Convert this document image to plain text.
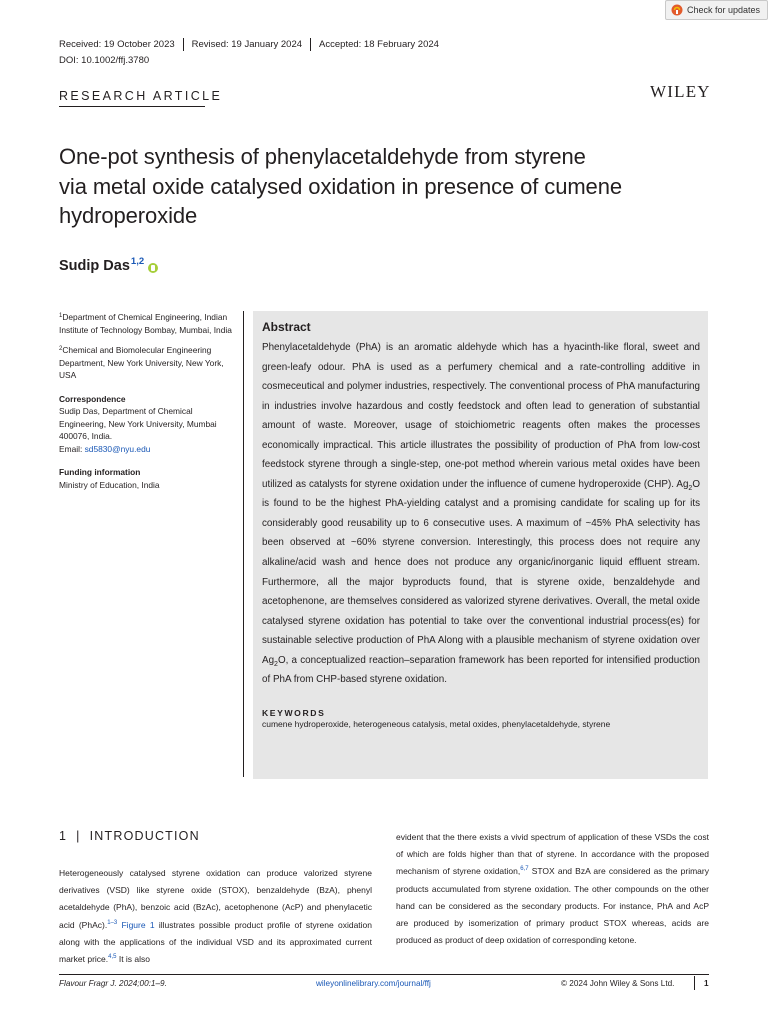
Check for updates
Received: 19 October 2023 Revised: 19 January 2024 Accepted: 18 February 2024
DOI: 10.1002/ffj.3780
RESEARCH ARTICLE	WILEY
One-pot synthesis of phenylacetaldehyde from styrene
via metal oxide catalysed oxidation in presence of cumene
hydroperoxide
Sudip Das$^{1,2}$

$^1$Department of Chemical Engineering, Indian Institute of Technology Bombay, Mumbai, India

$^2$Chemical and Biomolecular Engineering Department, New York University, New York, USA

Correspondence

Sudip Das, Department of Chemical Engineering, New York University, Mumbai 400076, India.

Email: sd5830@nyu.edu

Funding information

Ministry of Education, India

Abstract

Phenylacetaldehyde (PhA) is an aromatic aldehyde which has a hyacinth-like floral, sweet and green-leafy odour. PhA is used as a perfumery chemical and a rate-controlling additive in cosmeceutical and polymer industries, respectively. The conventional process of PhA manufacturing in industries involve hazardous and costly feedstock and often lead to generation of substantial amount of waste. Moreover, usage of stoichiometric reagents often makes the processes economically impractical. This article illustrates the possibility of production of PhA from low-cost feedstock styrene through a single-step, one-pot method wherein various metal oxides have been utilized as catalysts for styrene oxidation under the influence of cumene hydroperoxide (CHP). $Ag_2O$ is found to be the highest PhA-yielding catalyst and a promising candidate for scaling up for its considerably good reusability up to 6 consecutive uses. A maximum of ~45% PhA selectivity has been observed at ~60% styrene conversion. Interestingly, this process does not require any alkaline/acid wash and hence does not produce any organic/inorganic liquid effluent stream. Furthermore, all the major byproducts found, that is styrene oxide, benzaldehyde and acetophenone, are themselves considered as valorized styrene derivatives. Overall, the metal oxide catalysed styrene oxidation has potential to take over the conventional industrial process(es) for sustainable selective production of PhA Along with a plausible mechanism of styrene oxidation over $Ag_2O$, a conceptualized reaction–separation framework has been reported for intensified production of PhA from CHP-based styrene oxidation.

KEYWORDS

cumene hydroperoxide, heterogeneous catalysis, metal oxides, phenylacetaldehyde, styrene

1 | INTRODUCTION

Heterogeneously catalysed styrene oxidation can produce valorized styrene derivatives (VSD) like styrene oxide (STOX), benzaldehyde (BzA), phenyl acetaldehyde (PhA), benzoic acid (BzAc), acetophenone (AcP) and phenylacetic acid (PhAc).$^{1-3}$ Figure 1 illustrates possible product profile of styrene oxidation along with the applications of the individual VSD and its approximated current market price.$^{4,5}$ It is also

evident that the there exists a vivid spectrum of application of these VSDs the cost of which are folds higher than that of styrene. In accordance with the proposed mechanism of styrene oxidation,$^{6,7}$ STOX and BzA are considered as the primary products accumulated from styrene oxidation. The other compounds on the other hand can be considered as the secondary products. For instance, PhA and AcP are produced by isomerization of primary product STOX whereas, acids are produced as product of deep oxidation of corresponding ketone.

Flavour Fragr J. 2024;00:1–9.	wileyonlinelibrary.com/journal/ffj	© 2024 John Wiley & Sons Ltd.	1
